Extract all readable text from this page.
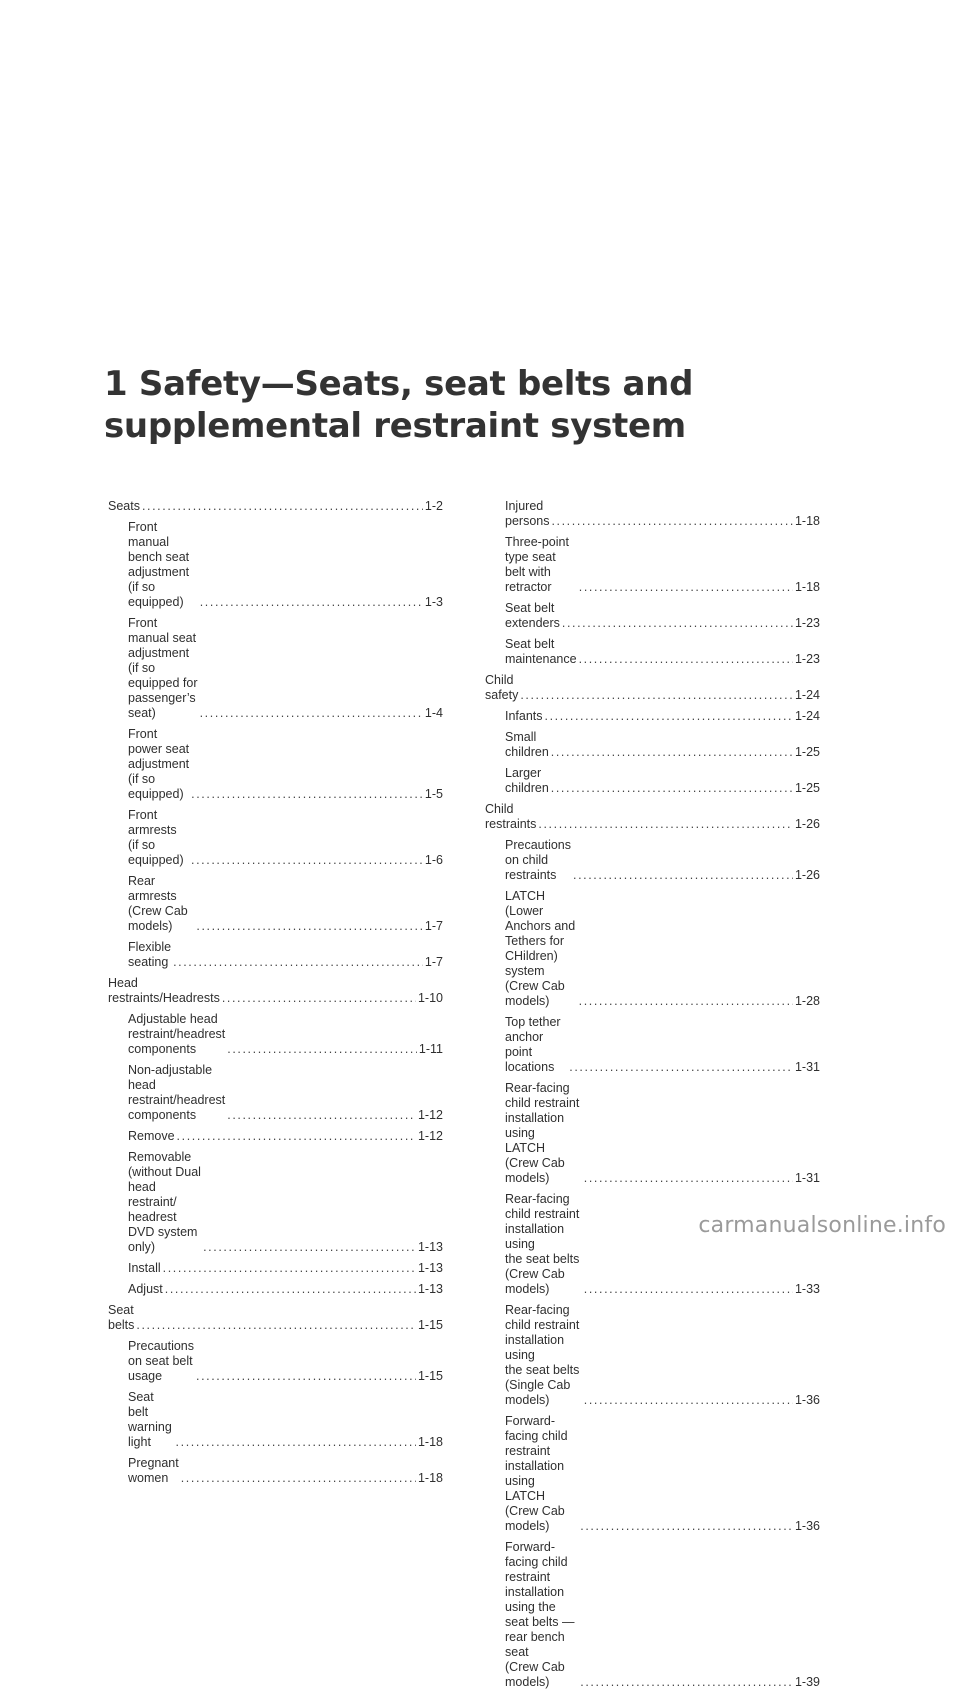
1 Safety—Seats, seat belts and
supplemental restraint system
Seats .....	1-2
Front manual bench seat adjustment
(if so equipped) .....	1-3
Front manual seat adjustment
(if so equipped for passenger’s seat) .....	1-4
Front power seat adjustment
(if so equipped) .....	1-5
Front armrests (if so equipped) .....	1-6
Rear armrests (Crew Cab models) .....	1-7
Flexible seating .....	1-7
Head restraints/Headrests .....	1-10
Adjustable head restraint/headrest
components .....	1-11
Non-adjustable head restraint/headrest
components .....	1-12
Remove .....	1-12
Removable (without Dual head restraint/
headrest DVD system only) .....	1-13
Install .....	1-13
Adjust .....	1-13
Seat belts .....	1-15
Precautions on seat belt usage .....	1-15
Seat belt warning light .....	1-18
Pregnant women .....	1-18
Injured persons .....	1-18
Three-point type seat belt with retractor .....	1-18
Seat belt extenders .....	1-23
Seat belt maintenance .....	1-23
Child safety .....	1-24
Infants .....	1-24
Small children .....	1-25
Larger children .....	1-25
Child restraints .....	1-26
Precautions on child restraints .....	1-26
LATCH (Lower Anchors and Tethers for
CHildren) system (Crew Cab models) .....	1-28
Top tether anchor point locations .....	1-31
Rear-facing child restraint installation using
LATCH (Crew Cab models) .....	1-31
Rear-facing child restraint installation using
the seat belts (Crew Cab models) .....	1-33
Rear-facing child restraint installation using
the seat belts (Single Cab models) .....	1-36
Forward-facing child restraint installation
using LATCH (Crew Cab models) .....	1-36
Forward-facing child restraint installation
using the seat belts — rear bench seat
(Crew Cab models) .....	1-39
carmanualsonline.info
